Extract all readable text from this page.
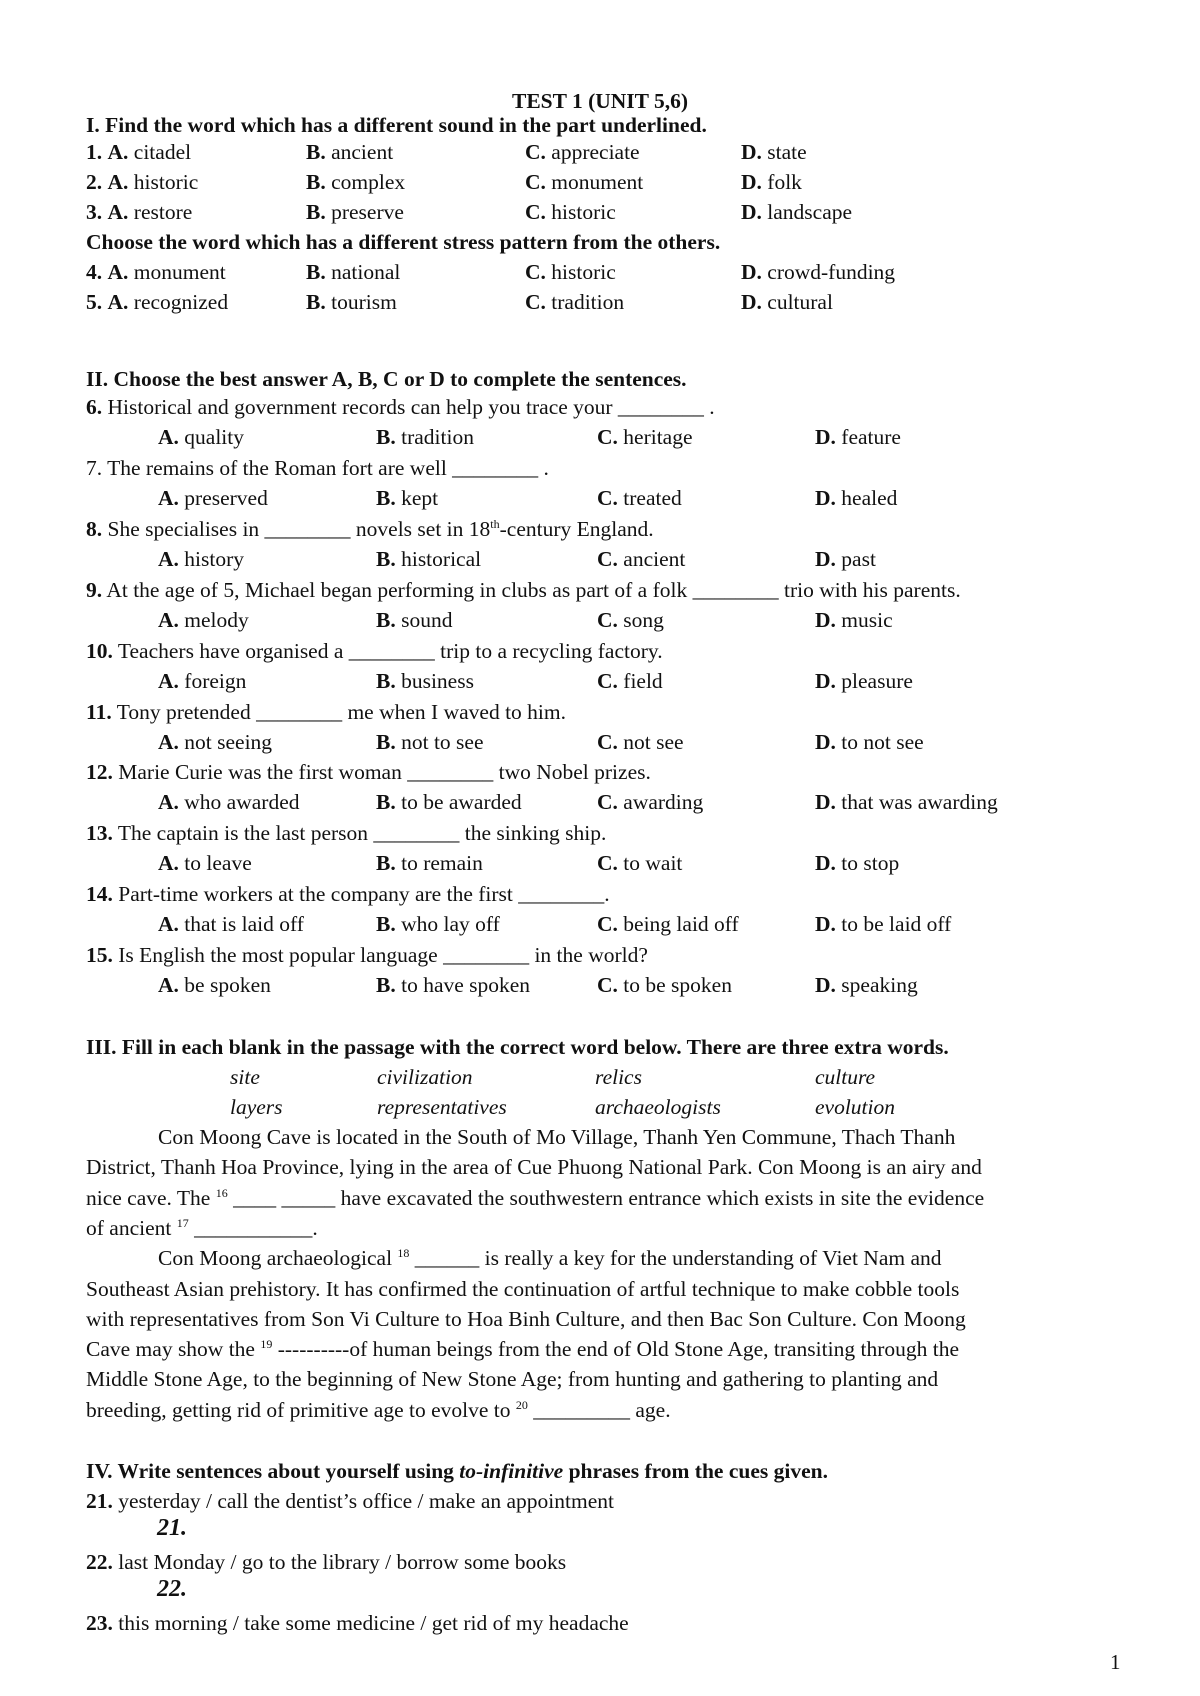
TEST 1 (UNIT 5,6)
I. Find the word which has a different sound in the part underlined.
1. A. citadel	B. ancient	C. appreciate	D. state
2. A. historic	B. complex	C. monument	D. folk
3. A. restore	B. preserve	C. historic	D. landscape
Choose the word which has a different stress pattern from the others.
4. A. monument	B. national	C. historic	D. crowd-funding
5. A. recognized	B. tourism	C. tradition	D. cultural
II. Choose the best answer A, B, C or D to complete the sentences.
6. Historical and government records can help you trace your ________ .
A. quality	B. tradition	C. heritage	D. feature
7. The remains of the Roman fort are well ________ .
A. preserved	B. kept	C. treated	D. healed
8. She specialises in ________ novels set in 18th-century England.
A. history	B. historical	C. ancient	D. past
9. At the age of 5, Michael began performing in clubs as part of a folk ________ trio with his parents.
A. melody	B. sound	C. song	D. music
10. Teachers have organised a ________ trip to a recycling factory.
A. foreign	B. business	C. field	D. pleasure
11. Tony pretended ________ me when I waved to him.
A. not seeing	B. not to see	C. not see	D. to not see
12. Marie Curie was the first woman ________ two Nobel prizes.
A. who awarded	B. to be awarded	C. awarding	D. that was awarding
13. The captain is the last person ________ the sinking ship.
A. to leave	B. to remain	C. to wait	D. to stop
14. Part-time workers at the company are the first ________.
A. that is laid off	B. who lay off	C. being laid off	D. to be laid off
15. Is English the most popular language ________ in the world?
A. be spoken	B. to have spoken	C. to be spoken	D. speaking
III. Fill in each blank in the passage with the correct word below. There are three extra words.
site	civilization	relics	culture
layers	representatives	archaeologists	evolution
Con Moong Cave is located in the South of Mo Village, Thanh Yen Commune, Thach Thanh
District, Thanh Hoa Province, lying in the area of Cue Phuong National Park. Con Moong is an airy and
nice cave. The $^{16}$ ____ _____ have excavated the southwestern entrance which exists in site the evidence
of ancient $^{17}$ ___________.
Con Moong archaeological $^{18}$ ______ is really a key for the understanding of Viet Nam and
Southeast Asian prehistory. It has confirmed the continuation of artful technique to make cobble tools
with representatives from Son Vi Culture to Hoa Binh Culture, and then Bac Son Culture. Con Moong
Cave may show the $^{19}$ ----------of human beings from the end of Old Stone Age, transiting through the
Middle Stone Age, to the beginning of New Stone Age; from hunting and gathering to planting and
breeding, getting rid of primitive age to evolve to $^{20}$ _________ age.
IV. Write sentences about yourself using to-infinitive phrases from the cues given.
21. yesterday / call the dentist’s office / make an appointment
21.
22. last Monday / go to the library / borrow some books
22.
23. this morning / take some medicine / get rid of my headache
1
